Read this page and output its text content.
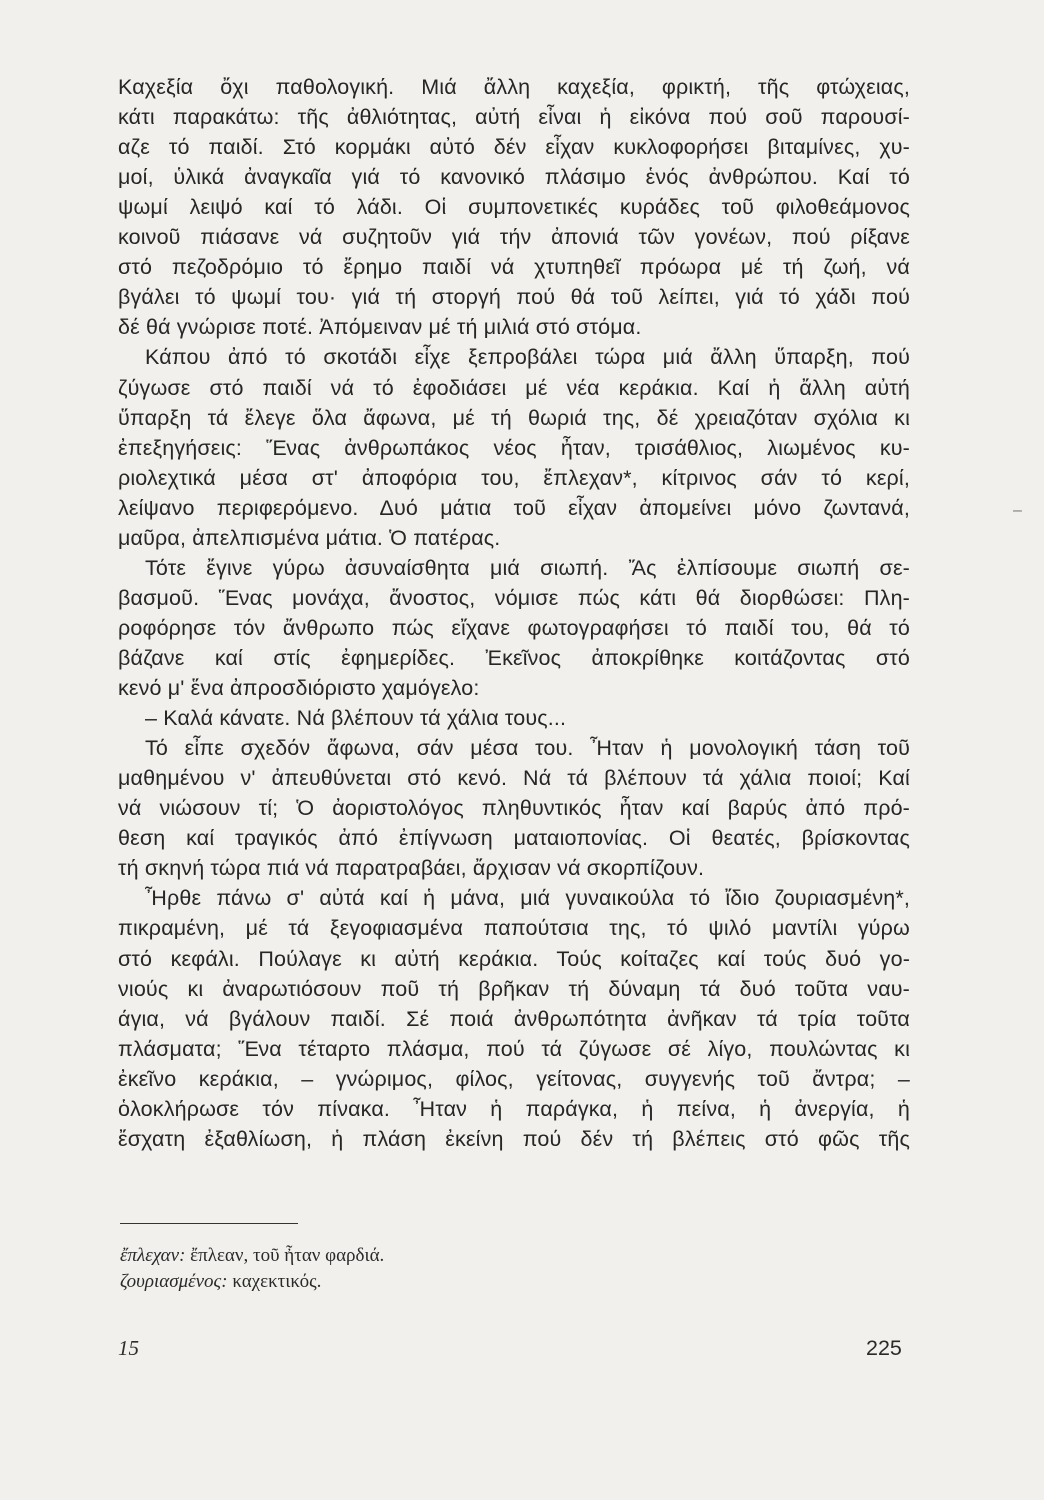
Καχεξία ὄχι παθολογική. Μιά ἄλλη καχεξία, φρικτή, τῆς φτώχειας,
κάτι παρακάτω: τῆς ἀθλιότητας, αὐτή εἶναι ἡ εἰκόνα πού σοῦ παρουσί-
αζε τό παιδί. Στό κορμάκι αὐτό δέν εἶχαν κυκλοφορήσει βιταμίνες, χυ-
μοί, ὑλικά ἀναγκαῖα γιά τό κανονικό πλάσιμο ἑνός ἀνθρώπου. Καί τό
ψωμί λειψό καί τό λάδι. Οἱ συμπονετικές κυράδες τοῦ φιλοθεάμονος
κοινοῦ πιάσανε νά συζητοῦν γιά τήν ἀπονιά τῶν γονέων, πού ρίξανε
στό πεζοδρόμιο τό ἔρημο παιδί νά χτυπηθεῖ πρόωρα μέ τή ζωή, νά
βγάλει τό ψωμί του· γιά τή στοργή πού θά τοῦ λείπει, γιά τό χάδι πού
δέ θά γνώρισε ποτέ. Ἀπόμειναν μέ τή μιλιά στό στόμα.
Κάπου ἀπό τό σκοτάδι εἶχε ξεπροβάλει τώρα μιά ἄλλη ὕπαρξη, πού
ζύγωσε στό παιδί νά τό ἐφοδιάσει μέ νέα κεράκια. Καί ἡ ἄλλη αὐτή
ὕπαρξη τά ἔλεγε ὅλα ἄφωνα, μέ τή θωριά της, δέ χρειαζόταν σχόλια κι
ἐπεξηγήσεις: Ἕνας ἀνθρωπάκος νέος ἦταν, τρισάθλιος, λιωμένος κυ-
ριολεχτικά μέσα στ' ἀποφόρια του, ἔπλεχαν*, κίτρινος σάν τό κερί,
λείψανο περιφερόμενο. Δυό μάτια τοῦ εἶχαν ἀπομείνει μόνο ζωντανά,
μαῦρα, ἀπελπισμένα μάτια. Ὁ πατέρας.
Τότε ἔγινε γύρω ἀσυναίσθητα μιά σιωπή. Ἄς ἐλπίσουμε σιωπή σε-
βασμοῦ. Ἕνας μονάχα, ἄνοστος, νόμισε πώς κάτι θά διορθώσει: Πλη-
ροφόρησε τόν ἄνθρωπο πώς εἴχανε φωτογραφήσει τό παιδί του, θά τό
βάζανε καί στίς ἐφημερίδες. Ἐκεῖνος ἀποκρίθηκε κοιτάζοντας στό
κενό μ' ἕνα ἀπροσδιόριστο χαμόγελο:
– Καλά κάνατε. Νά βλέπουν τά χάλια τους...
Τό εἶπε σχεδόν ἄφωνα, σάν μέσα του. Ἦταν ἡ μονολογική τάση τοῦ
μαθημένου ν' ἀπευθύνεται στό κενό. Νά τά βλέπουν τά χάλια ποιοί; Καί
νά νιώσουν τί; Ὁ ἀοριστολόγος πληθυντικός ἦταν καί βαρύς ἀπό πρό-
θεση καί τραγικός ἀπό ἐπίγνωση ματαιοπονίας. Οἱ θεατές, βρίσκοντας
τή σκηνή τώρα πιά νά παρατραβάει, ἄρχισαν νά σκορπίζουν.
Ἦρθε πάνω σ' αὐτά καί ἡ μάνα, μιά γυναικούλα τό ἴδιο ζουριασμένη*,
πικραμένη, μέ τά ξεγοφιασμένα παπούτσια της, τό ψιλό μαντίλι γύρω
στό κεφάλι. Πούλαγε κι αὐτή κεράκια. Τούς κοίταζες καί τούς δυό γο-
νιούς κι ἀναρωτιόσουν ποῦ τή βρῆκαν τή δύναμη τά δυό τοῦτα ναυ-
άγια, νά βγάλουν παιδί. Σέ ποιά ἀνθρωπότητα ἀνῆκαν τά τρία τοῦτα
πλάσματα; Ἕνα τέταρτο πλάσμα, πού τά ζύγωσε σέ λίγο, πουλώντας κι
ἐκεῖνο κεράκια, – γνώριμος, φίλος, γείτονας, συγγενής τοῦ ἄντρα; –
ὁλοκλήρωσε τόν πίνακα. Ἦταν ἡ παράγκα, ἡ πείνα, ἡ ἀνεργία, ἡ
ἔσχατη ἐξαθλίωση, ἡ πλάση ἐκείνη πού δέν τή βλέπεις στό φῶς τῆς
ἔπλεχαν: ἔπλεαν, τοῦ ἦταν φαρδιά.
ζουριασμένος: καχεκτικός.
15	225
–
